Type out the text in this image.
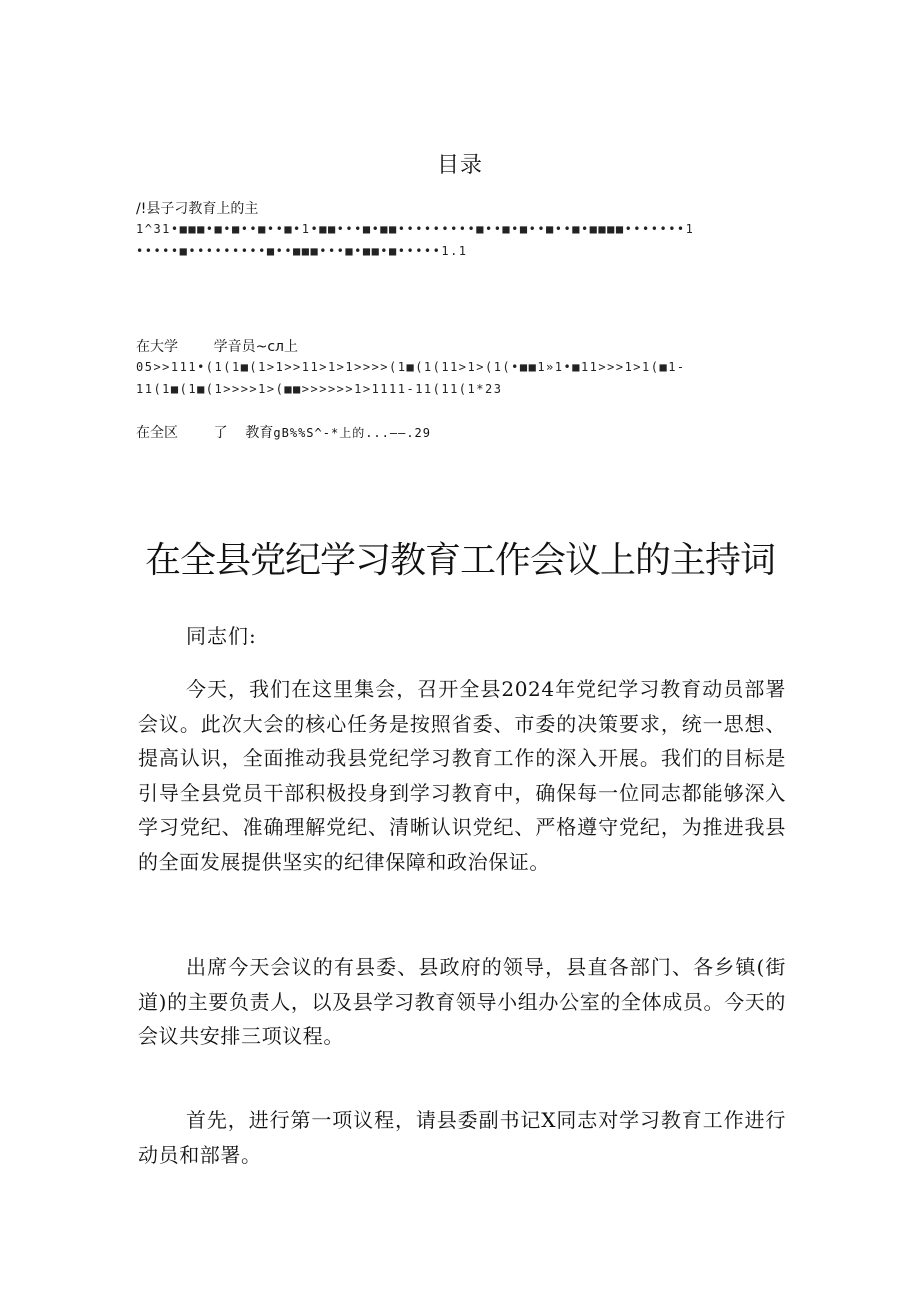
目录
/!县子刁教育上的主
1^31•■■■•■•■••■••■•1•■■•••■•■■•••••••••■••■•■••■••■•■■■■•••••••1
•••••■•••••••••■••■■■•••■•■■•■•••••1.1
在大学        学音员~cл上
05>>111•(1(1■(1>1>>11>1>1>>>>(1■(1(11>1>(1(•■■1»1•■11>>>1>1(■1-
11(1■(1■(1>>>>1>(■■>>>>>>1>1111-11(11(1*23
在全区        了    教育gB%%S^-*上的...——.29
在全县党纪学习教育工作会议上的主持词
同志们:
今天，我们在这里集会，召开全县2024年党纪学习教育动员部署会议。此次大会的核心任务是按照省委、市委的决策要求，统一思想、提高认识，全面推动我县党纪学习教育工作的深入开展。我们的目标是引导全县党员干部积极投身到学习教育中，确保每一位同志都能够深入学习党纪、准确理解党纪、清晰认识党纪、严格遵守党纪，为推进我县的全面发展提供坚实的纪律保障和政治保证。
出席今天会议的有县委、县政府的领导，县直各部门、各乡镇(街道)的主要负责人，以及县学习教育领导小组办公室的全体成员。今天的会议共安排三项议程。
首先，进行第一项议程，请县委副书记X同志对学习教育工作进行动员和部署。
